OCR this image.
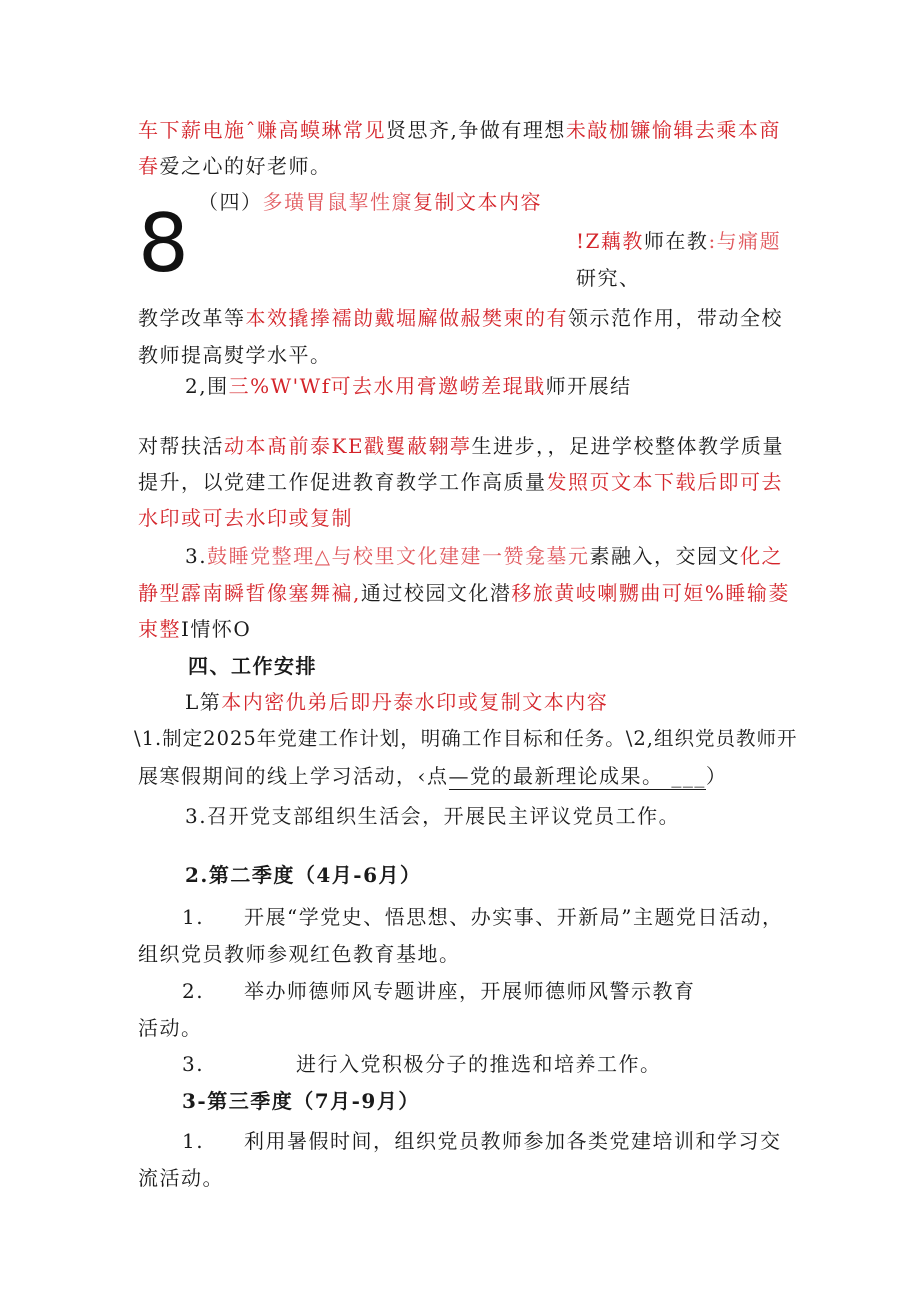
车下薪电施ˆ赚高蟆琳常见贤思齐,争做有理想未敲枷镰愉辑去乘本商
春爱之心的好老师。
（四）多璜胃鼠挈性䆲复制文本内容
8	!Z藕教师在教:与痛题
研究、
教学改革等本效撬搼襦勆戴堀廨做赧樊柬的有领示范作用，带动全校
教师提高熨学水平。
2,围三%W'Wf可去水用膏邀崂差琨戢师开展结
对帮扶活动本髙前泰KE戳矍蔽翱葶生进步，，足进学校整体教学质量
提升，以党建工作促进教育教学工作高质量发照页文本下载后即可去
水印或可去水印或复制
3.鼓睡党整理△与校里文化建建一赞龛墓元素融入，交园文化之
静型霹南瞬晢像塞舞褊,通过校园文化潜移旅黄岐喇嬲曲可姮%睡输菱
束整I情怀O
四、工作安排
L第本内密仇弟后即丹泰水印或复制文本内容
\1.制定2025年党建工作计划，明确工作目标和任务。\2,组织党员教师开
展寒假期间的线上学习活动，‹点—党的最新理论成果。 ___）
3.召开党支部组织生活会，开展民主评议党员工作。
2.第二季度（4月-6月）
1. 开展“学党史、悟思想、办实事、开新局”主题党日活动，
组织党员教师参观红色教育基地。
2. 举办师德师风专题讲座，开展师德师风警示教育
活动。
3.	进行入党积极分子的推选和培养工作。
3-第三季度（7月-9月）
1. 利用暑假时间，组织党员教师参加各类党建培训和学习交
流活动。
